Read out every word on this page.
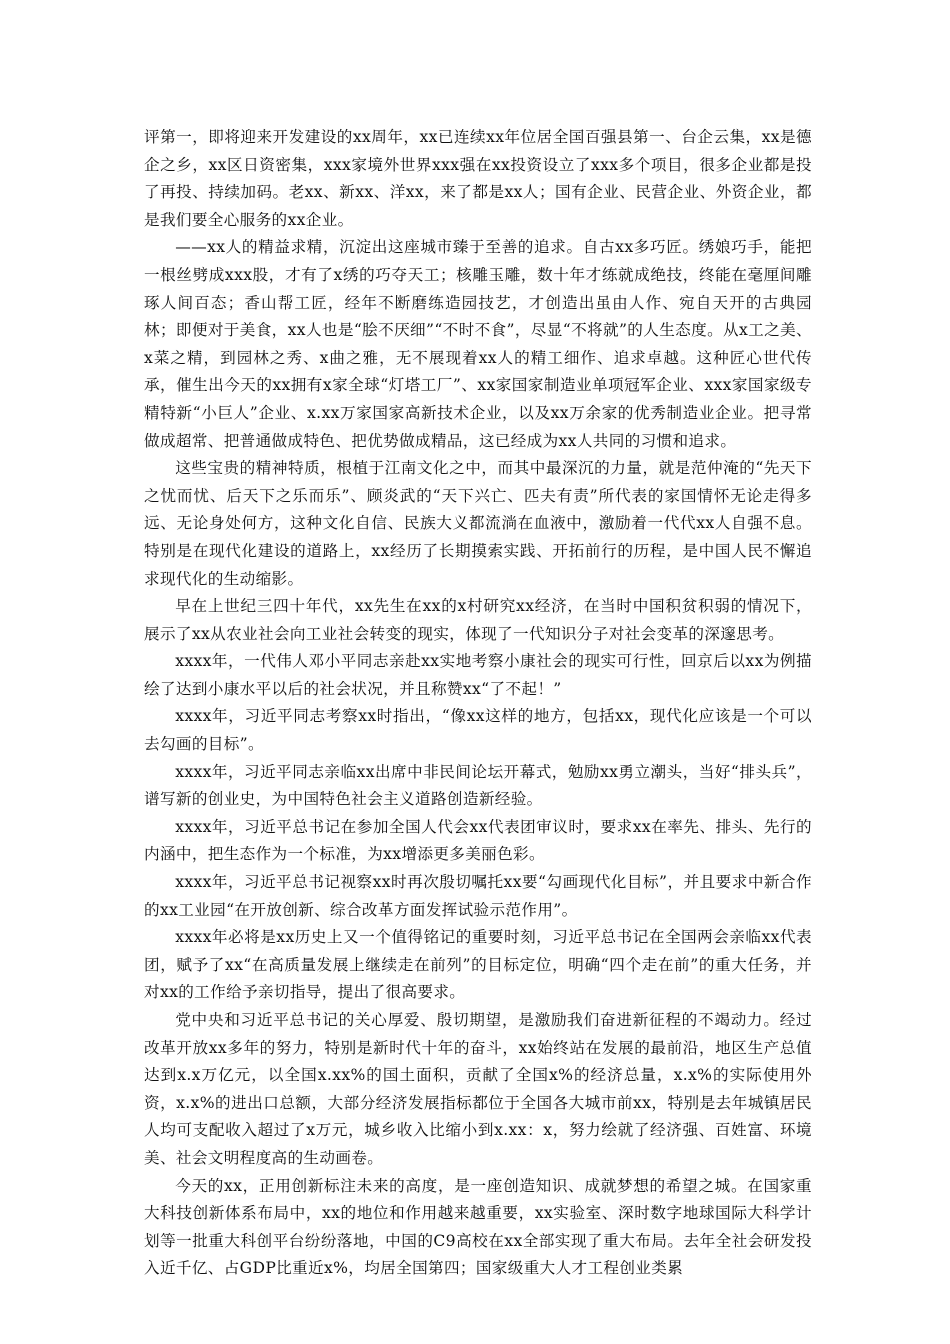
评第一，即将迎来开发建设的xx周年，xx已连续xx年位居全国百强县第一、台企云集，xx是德企之乡，xx区日资密集，xxx家境外世界xxx强在xx投资设立了xxx多个项目，很多企业都是投了再投、持续加码。老xx、新xx、洋xx，来了都是xx人；国有企业、民营企业、外资企业，都是我们要全心服务的xx企业。

——xx人的精益求精，沉淀出这座城市臻于至善的追求。自古xx多巧匠。绣娘巧手，能把一根丝劈成xxx股，才有了x绣的巧夺天工；核雕玉雕，数十年才练就成绝技，终能在毫厘间雕琢人间百态；香山帮工匠，经年不断磨练造园技艺，才创造出虽由人作、宛自天开的古典园林；即便对于美食，xx人也是“脍不厌细”“不时不食”，尽显“不将就”的人生态度。从x工之美、x菜之精，到园林之秀、x曲之雅，无不展现着xx人的精工细作、追求卓越。这种匠心世代传承，催生出今天的xx拥有x家全球“灯塔工厂”、xx家国家制造业单项冠军企业、xxx家国家级专精特新“小巨人”企业、x.xx万家国家高新技术企业，以及xx万余家的优秀制造业企业。把寻常做成超常、把普通做成特色、把优势做成精品，这已经成为xx人共同的习惯和追求。

这些宝贵的精神特质，根植于江南文化之中，而其中最深沉的力量，就是范仲淹的“先天下之忧而忧、后天下之乐而乐”、顾炎武的“天下兴亡、匹夫有责”所代表的家国情怀无论走得多远、无论身处何方，这种文化自信、民族大义都流淌在血液中，激励着一代代xx人自强不息。特别是在现代化建设的道路上，xx经历了长期摸索实践、开拓前行的历程，是中国人民不懈追求现代化的生动缩影。

早在上世纪三四十年代，xx先生在xx的x村研究xx经济，在当时中国积贫积弱的情况下，展示了xx从农业社会向工业社会转变的现实，体现了一代知识分子对社会变革的深邃思考。

xxxx年，一代伟人邓小平同志亲赴xx实地考察小康社会的现实可行性，回京后以xx为例描绘了达到小康水平以后的社会状况，并且称赞xx“了不起！”

xxxx年，习近平同志考察xx时指出，“像xx这样的地方，包括xx，现代化应该是一个可以去勾画的目标”。

xxxx年，习近平同志亲临xx出席中非民间论坛开幕式，勉励xx勇立潮头，当好“排头兵”，谱写新的创业史，为中国特色社会主义道路创造新经验。

xxxx年，习近平总书记在参加全国人代会xx代表团审议时，要求xx在率先、排头、先行的内涵中，把生态作为一个标准，为xx增添更多美丽色彩。

xxxx年，习近平总书记视察xx时再次殷切嘱托xx要“勾画现代化目标”，并且要求中新合作的xx工业园“在开放创新、综合改革方面发挥试验示范作用”。

xxxx年必将是xx历史上又一个值得铭记的重要时刻，习近平总书记在全国两会亲临xx代表团，赋予了xx“在高质量发展上继续走在前列”的目标定位，明确“四个走在前”的重大任务，并对xx的工作给予亲切指导，提出了很高要求。

党中央和习近平总书记的关心厚爱、殷切期望，是激励我们奋进新征程的不竭动力。经过改革开放xx多年的努力，特别是新时代十年的奋斗，xx始终站在发展的最前沿，地区生产总值达到x.x万亿元，以全国x.xx%的国土面积，贡献了全国x%的经济总量，x.x%的实际使用外资，x.x%的进出口总额，大部分经济发展指标都位于全国各大城市前xx，特别是去年城镇居民人均可支配收入超过了x万元，城乡收入比缩小到x.xx：x，努力绘就了经济强、百姓富、环境美、社会文明程度高的生动画卷。

今天的xx，正用创新标注未来的高度，是一座创造知识、成就梦想的希望之城。在国家重大科技创新体系布局中，xx的地位和作用越来越重要，xx实验室、深时数字地球国际大科学计划等一批重大科创平台纷纷落地，中国的C9高校在xx全部实现了重大布局。去年全社会研发投入近千亿、占GDP比重近x%，均居全国第四；国家级重大人才工程创业类累
